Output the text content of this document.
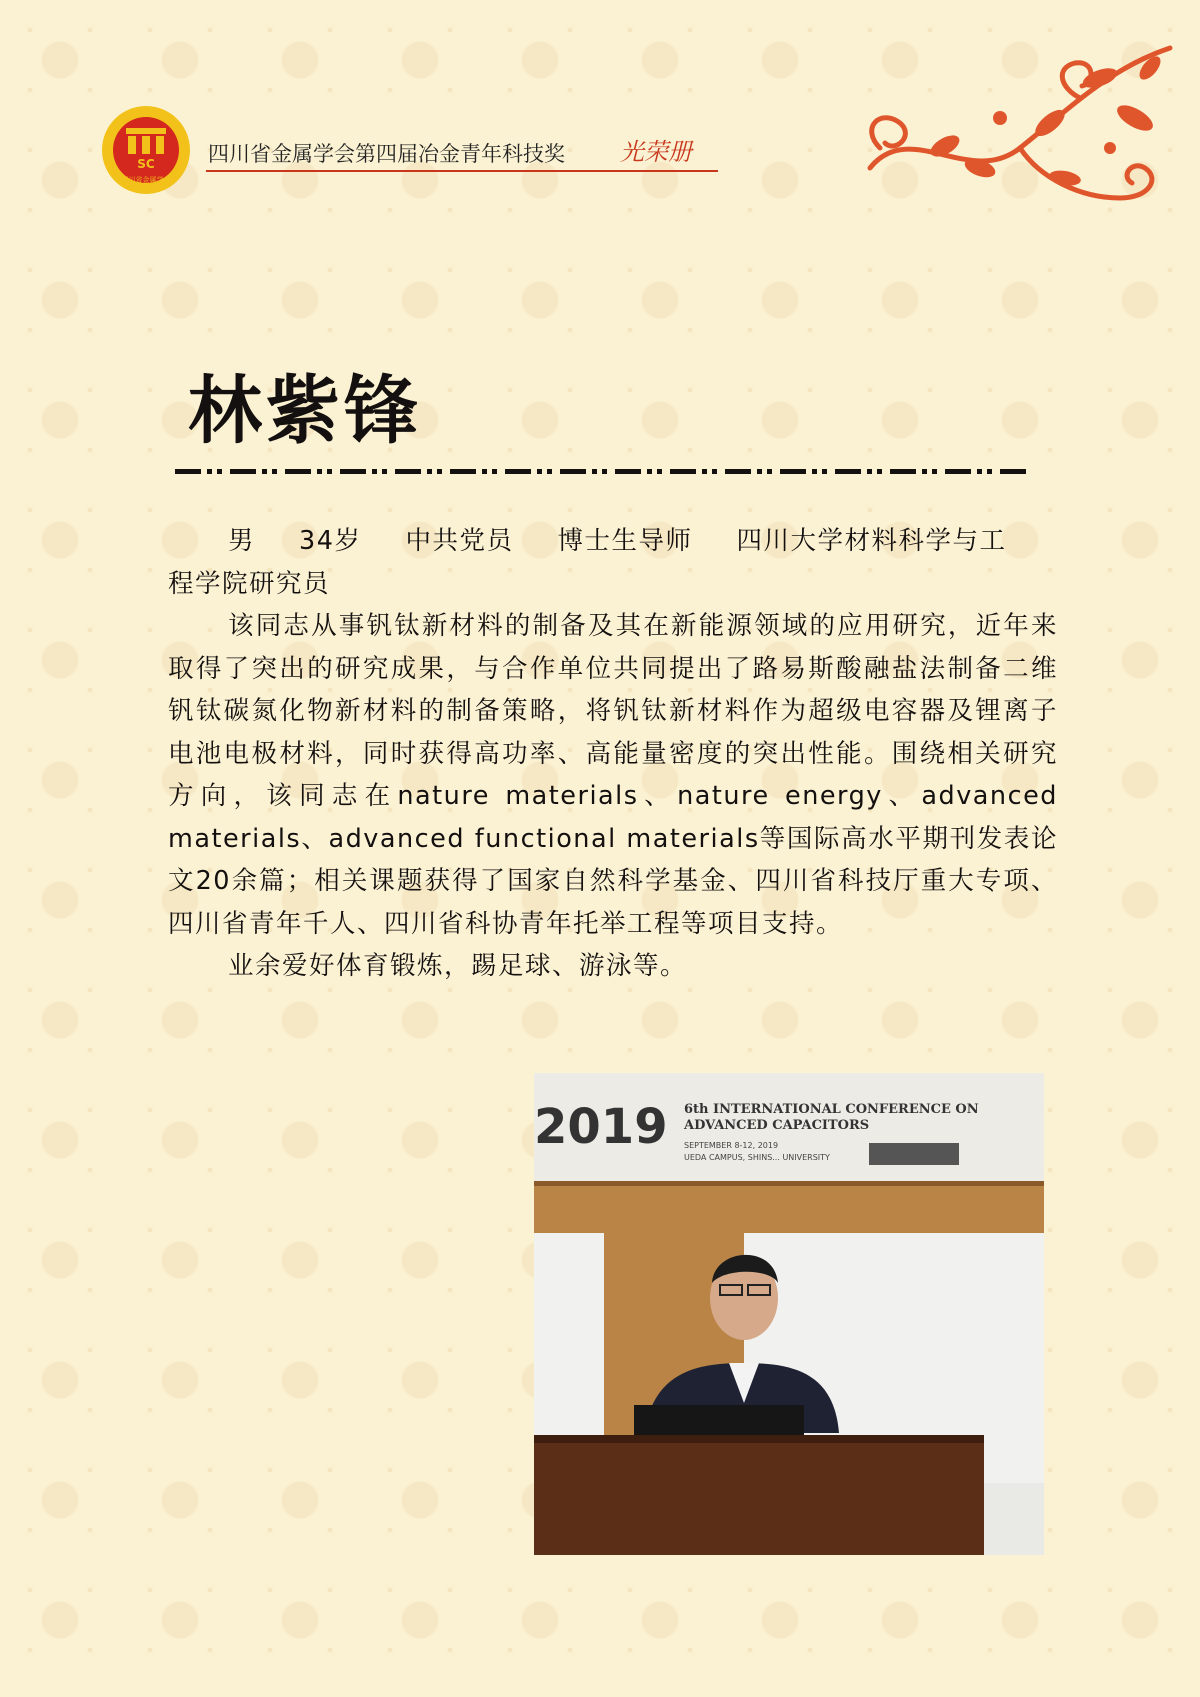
SC
四川省金属学会
四川省金属学会第四届冶金青年科技奖 光荣册
林紫锋

男 34岁 中共党员 博士生导师 四川大学材料科学与工

程学院研究员

该同志从事钒钛新材料的制备及其在新能源领域的应用研究，近年来取得了突出的研究成果，与合作单位共同提出了路易斯酸融盐法制备二维钒钛碳氮化物新材料的制备策略，将钒钛新材料作为超级电容器及锂离子电池电极材料，同时获得高功率、高能量密度的突出性能。围绕相关研究方向，该同志在nature materials、nature energy、advanced materials、advanced functional materials等国际高水平期刊发表论文20余篇；相关课题获得了国家自然科学基金、四川省科技厅重大专项、四川省青年千人、四川省科协青年托举工程等项目支持。

业余爱好体育锻炼，踢足球、游泳等。

2019 6th INTERNATIONAL CONFERENCE ON
ADVANCED CAPACITORS
SEPTEMBER 8-12, 2019
UEDA CAMPUS, SHINS... UNIVERSITY
